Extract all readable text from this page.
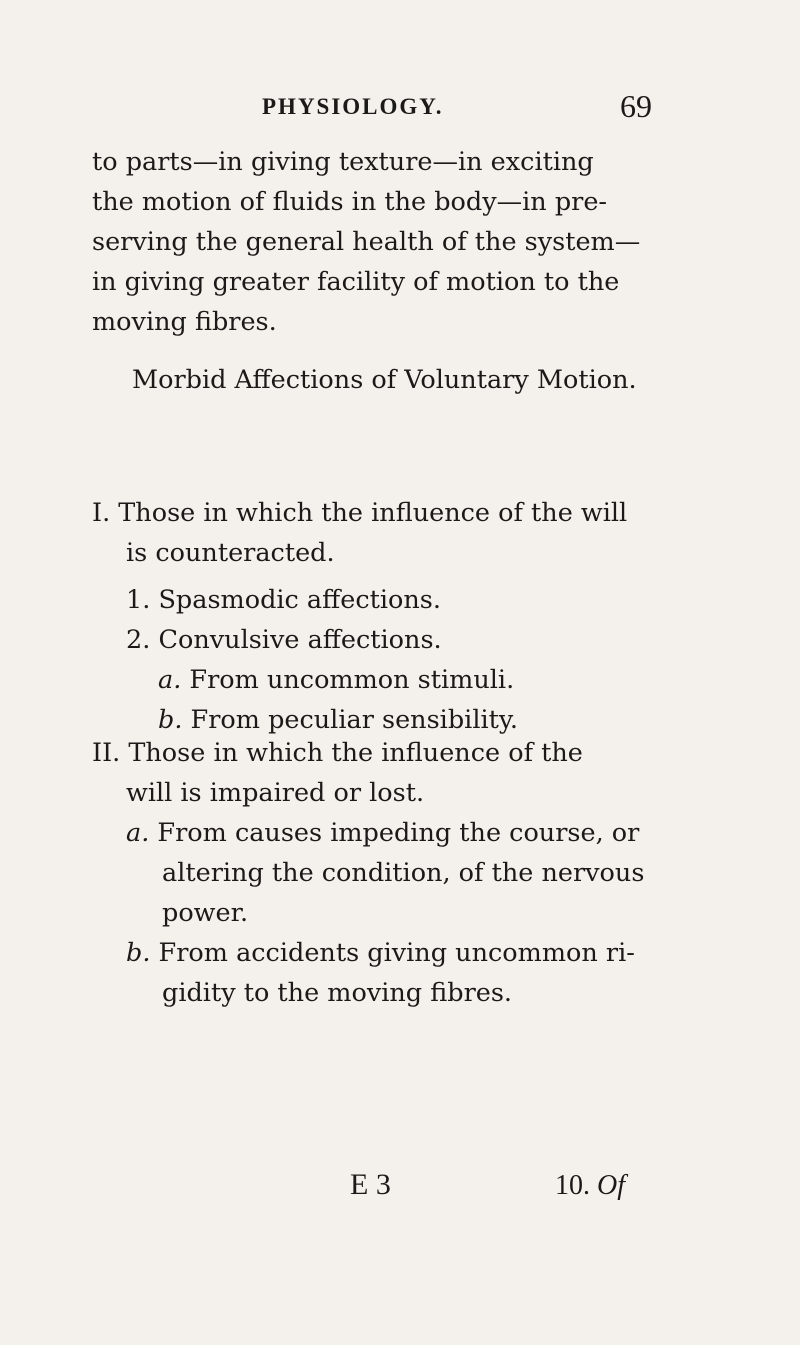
PHYSIOLOGY.	69

to parts—in giving texture—in exciting
the motion of fluids in the body—in pre-
serving the general health of the system—
in giving greater facility of motion to the
moving fibres.

Morbid Affections of Voluntary Motion.

I. Those in which the influence of the will
is counteracted.

1. Spasmodic affections.
2. Convulsive affections.

a. From uncommon stimuli.
b. From peculiar sensibility.

II. Those in which the influence of the
will is impaired or lost.

a. From causes impeding the course, or
altering the condition, of the nervous
power.
b. From accidents giving uncommon ri-
gidity to the moving fibres.

E 3	10. Of
